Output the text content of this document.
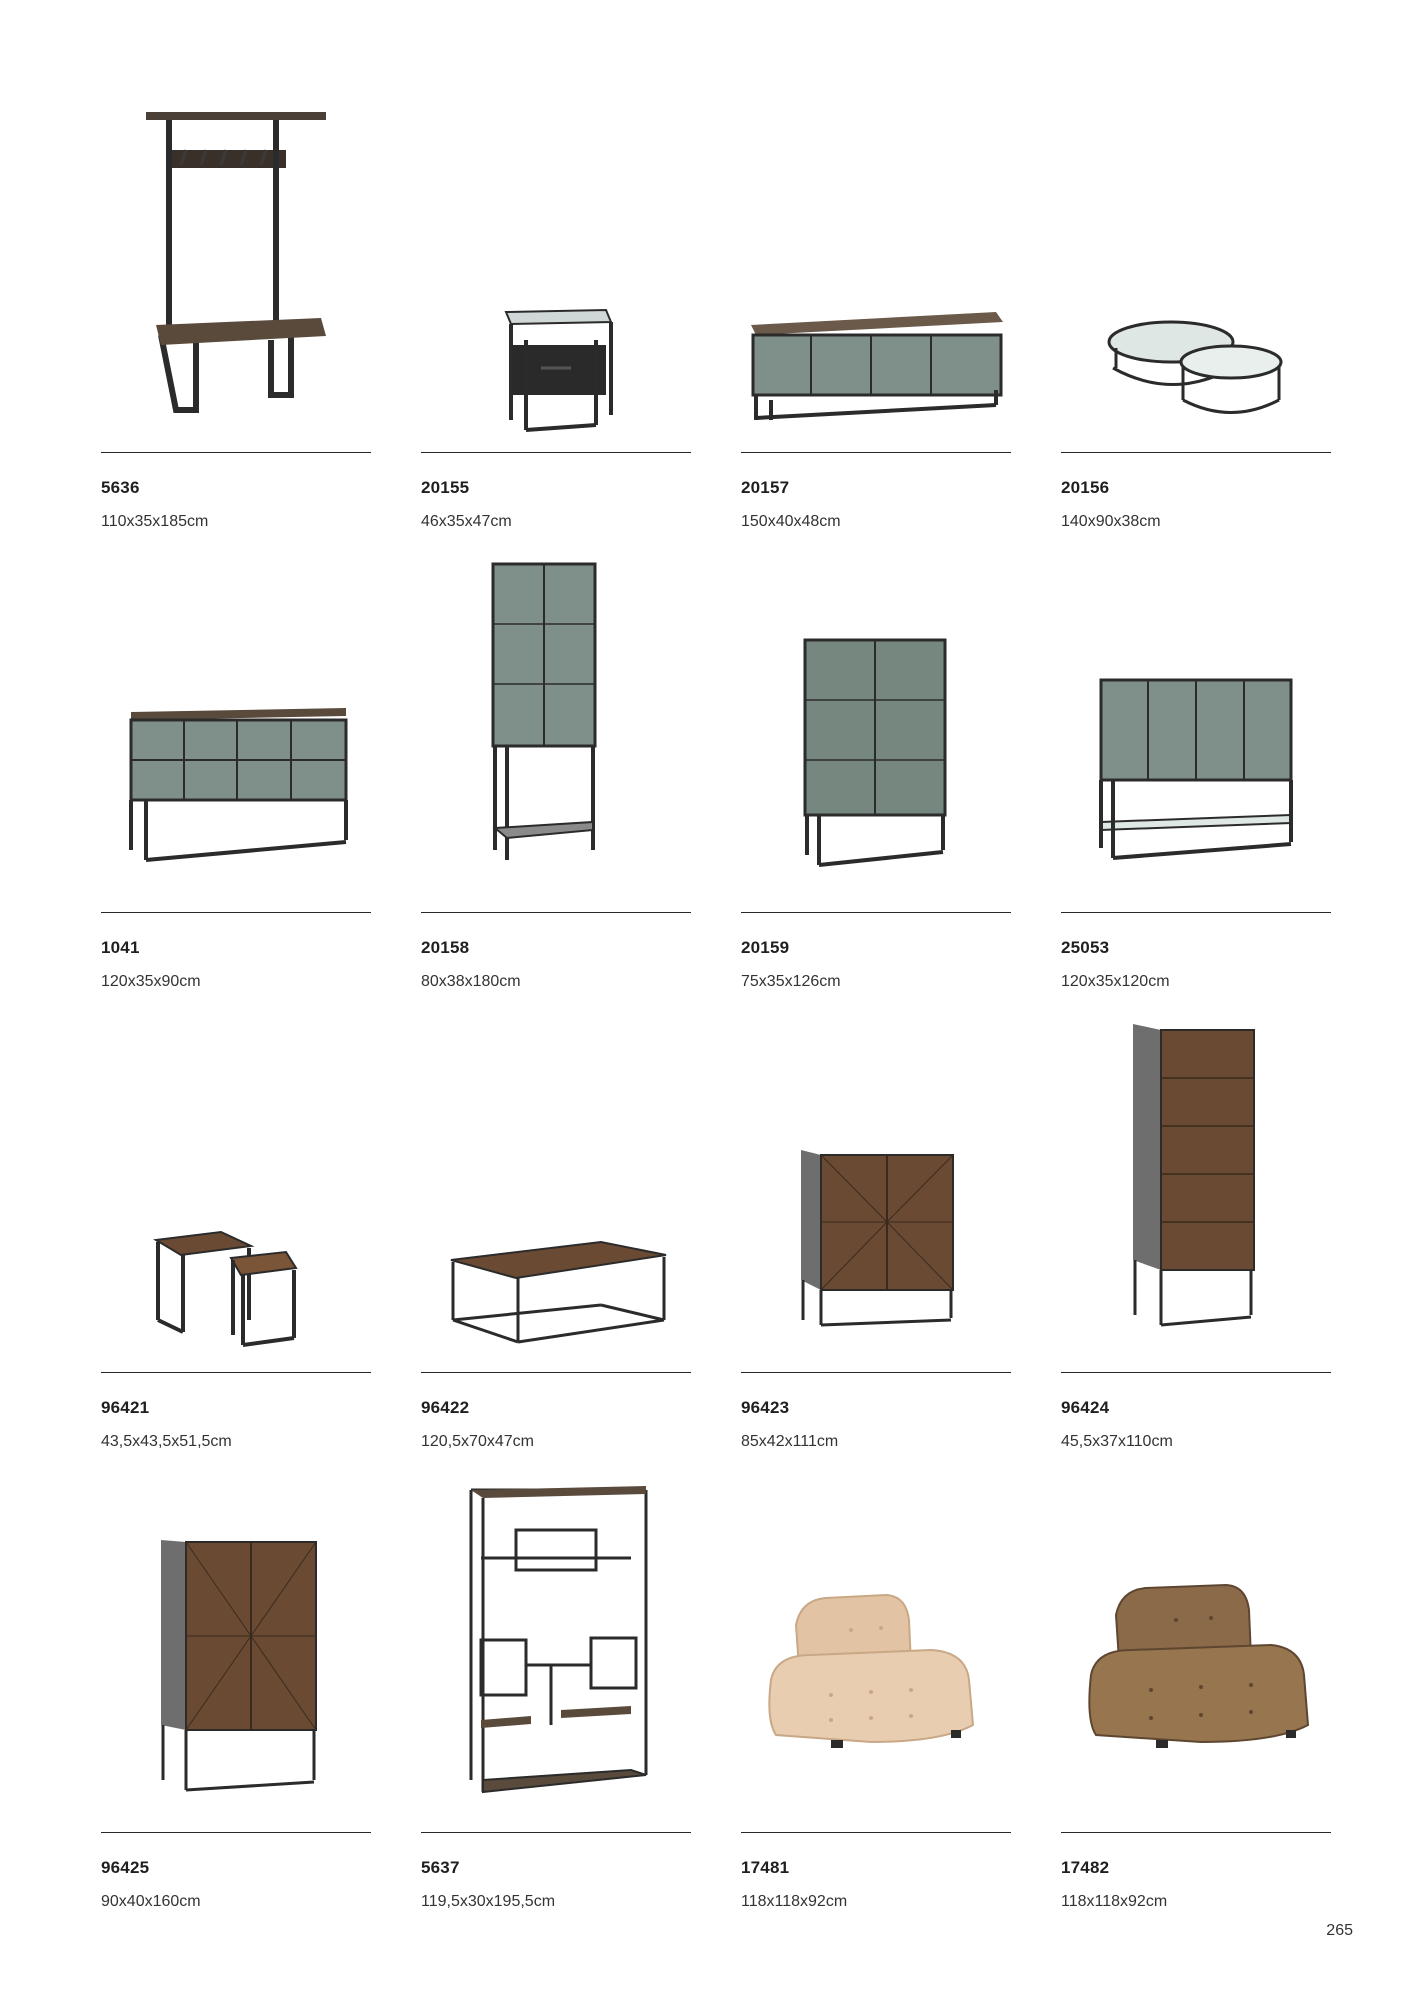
5636
110x35x185cm
20155
46x35x47cm
20157
150x40x48cm
20156
140x90x38cm
1041
120x35x90cm
20158
80x38x180cm
20159
75x35x126cm
25053
120x35x120cm
96421
43,5x43,5x51,5cm
96422
120,5x70x47cm
96423
85x42x111cm
96424
45,5x37x110cm
96425
90x40x160cm
5637
119,5x30x195,5cm
17481
118x118x92cm
17482
118x118x92cm
265
